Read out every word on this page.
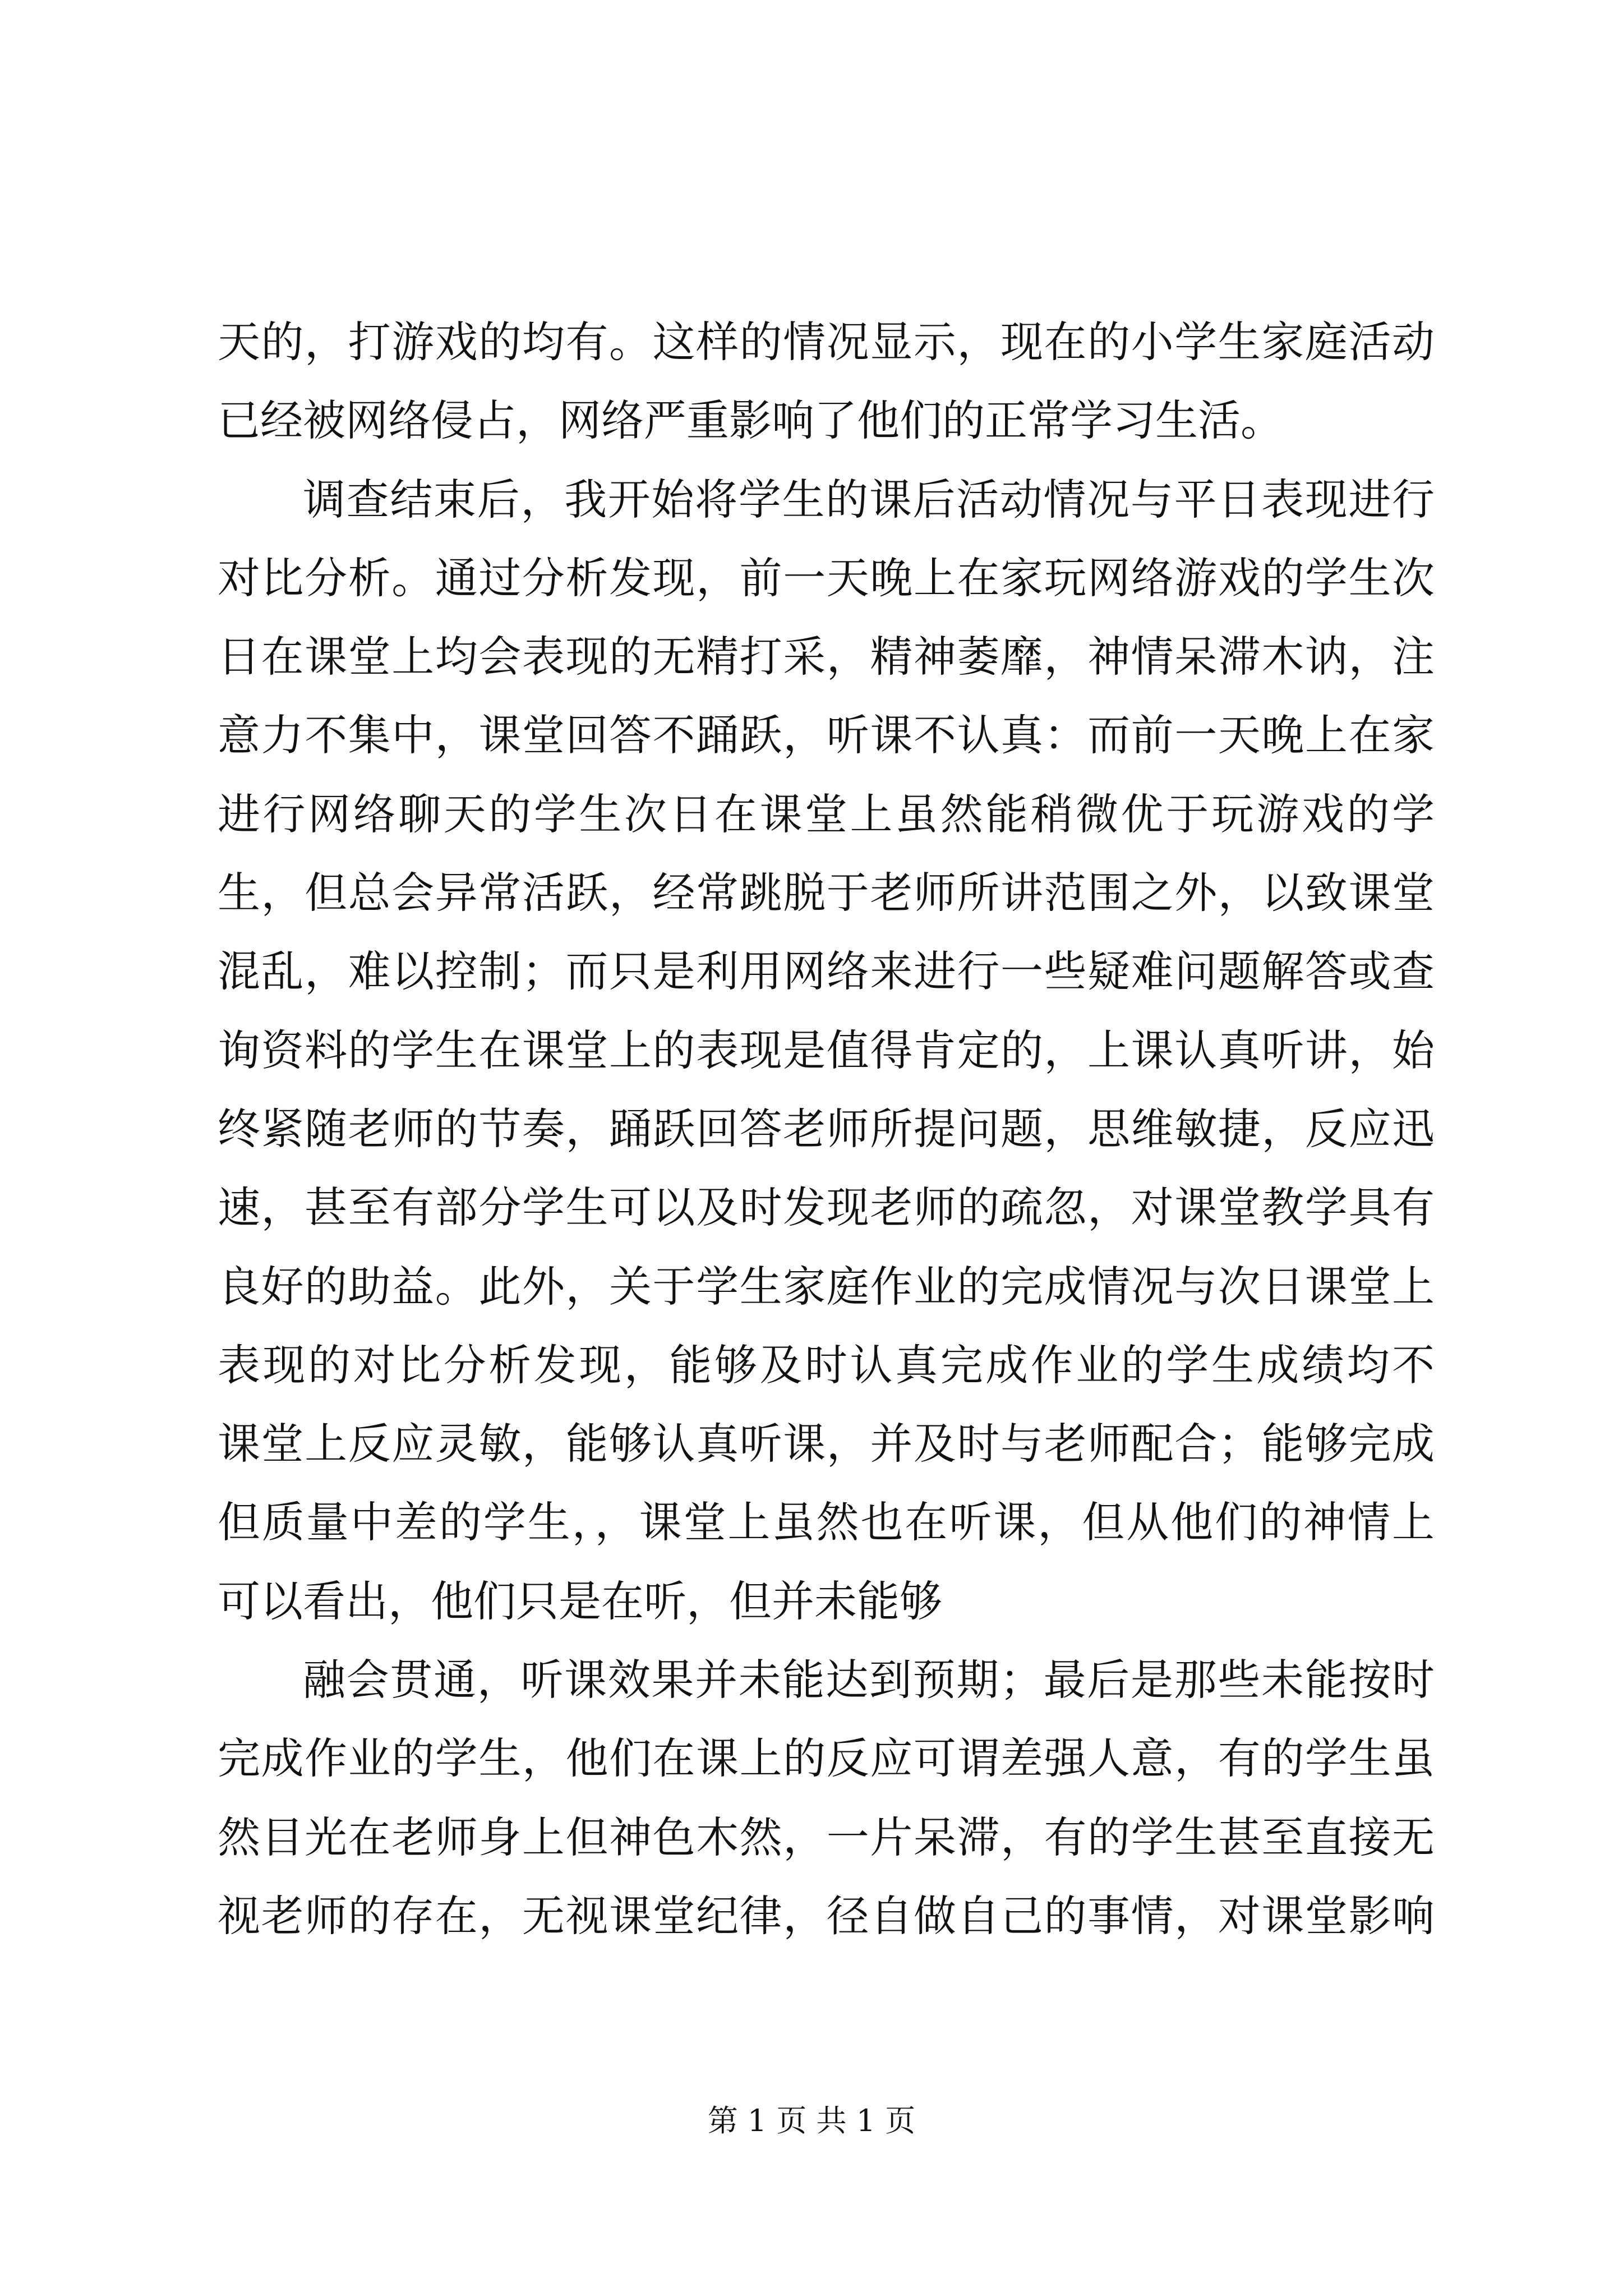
天的，打游戏的均有。这样的情况显示，现在的小学生家庭活动
已经被网络侵占，网络严重影响了他们的正常学习生活。
调查结束后，我开始将学生的课后活动情况与平日表现进行
对比分析。通过分析发现，前一天晚上在家玩网络游戏的学生次
日在课堂上均会表现的无精打采，精神萎靡，神情呆滞木讷，注
意力不集中，课堂回答不踊跃，听课不认真：而前一天晚上在家
进行网络聊天的学生次日在课堂上虽然能稍微优于玩游戏的学
生，但总会异常活跃，经常跳脱于老师所讲范围之外，以致课堂
混乱，难以控制；而只是利用网络来进行一些疑难问题解答或查
询资料的学生在课堂上的表现是值得肯定的，上课认真听讲，始
终紧随老师的节奏，踊跃回答老师所提问题，思维敏捷，反应迅
速，甚至有部分学生可以及时发现老师的疏忽，对课堂教学具有
良好的助益。此外，关于学生家庭作业的完成情况与次日课堂上
表现的对比分析发现，能够及时认真完成作业的学生成绩均不
课堂上反应灵敏，能够认真听课，并及时与老师配合；能够完成
但质量中差的学生，，课堂上虽然也在听课，但从他们的神情上
可以看出，他们只是在听，但并未能够
融会贯通，听课效果并未能达到预期；最后是那些未能按时
完成作业的学生，他们在课上的反应可谓差强人意，有的学生虽
然目光在老师身上但神色木然，一片呆滞，有的学生甚至直接无
视老师的存在，无视课堂纪律，径自做自己的事情，对课堂影响
第 1 页 共 1 页
